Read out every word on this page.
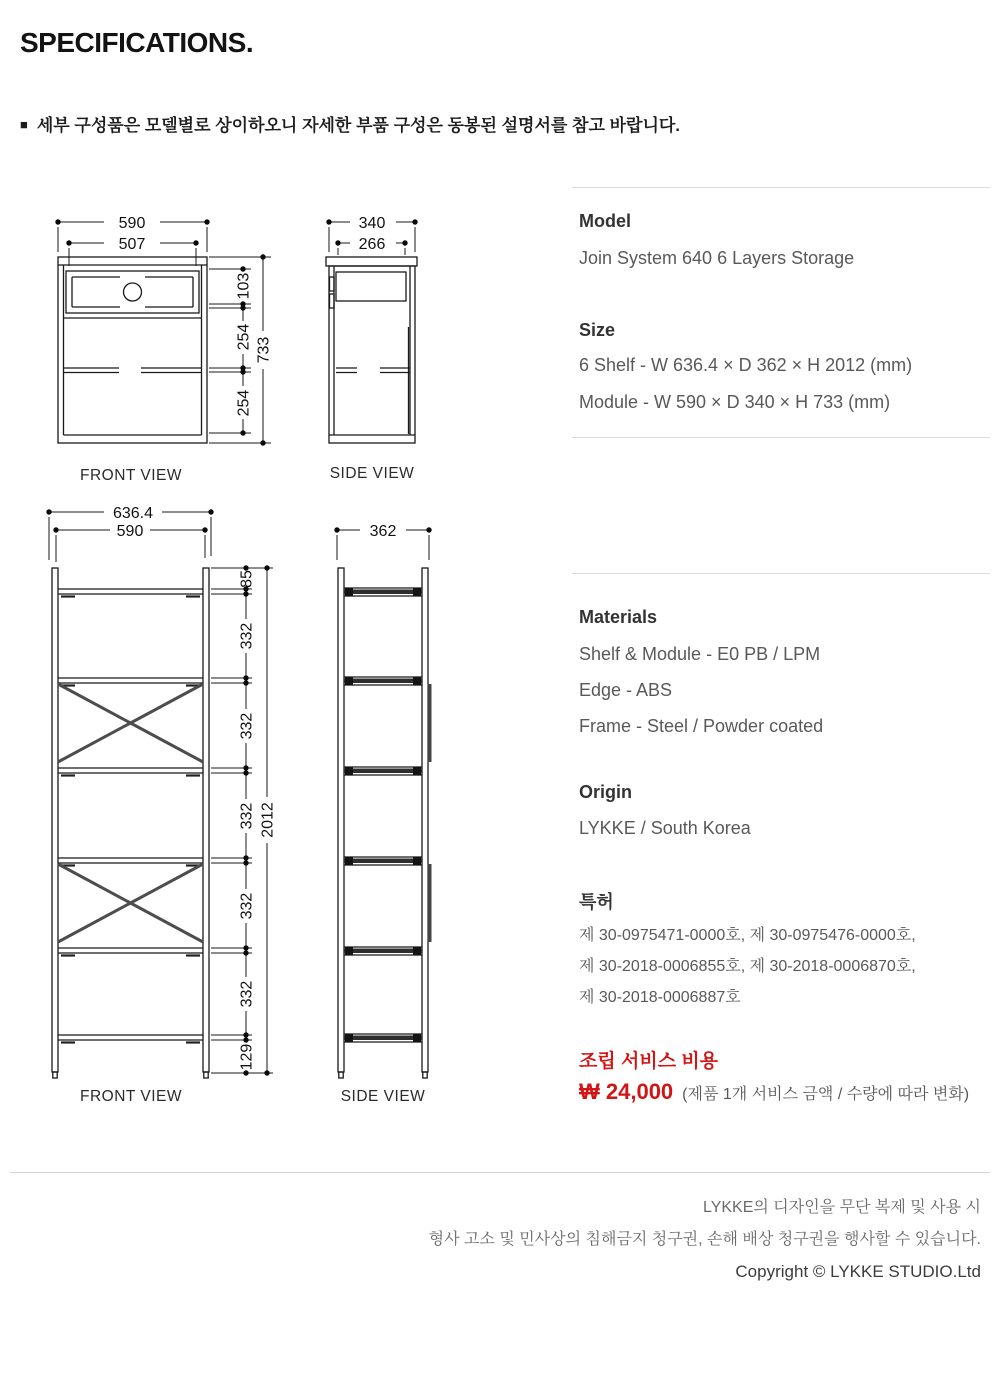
SPECIFICATIONS.
■ 세부 구성품은 모델별로 상이하오니 자세한 부품 구성은 동봉된 설명서를 참고 바랍니다.
590
507
103
254
254
733
FRONT VIEW
340
266
SIDE VIEW
636.4
590
85
332
332
332
332
332
129
2012
FRONT VIEW
362
SIDE VIEW
Model
Join System 640 6 Layers Storage
Size
6 Shelf - W 636.4 × D 362 × H 2012 (mm)
Module - W 590 × D 340 × H 733 (mm)
Materials
Shelf & Module - E0 PB / LPM
Edge - ABS
Frame - Steel / Powder coated
Origin
LYKKE / South Korea
특허
제 30-0975471-0000호, 제 30-0975476-0000호,
제 30-2018-0006855호, 제 30-2018-0006870호,
제 30-2018-0006887호
조립 서비스 비용
₩ 24,000 (제품 1개 서비스 금액 / 수량에 따라 변화)
LYKKE의 디자인을 무단 복제 및 사용 시
형사 고소 및 민사상의 침해금지 청구권, 손해 배상 청구권을 행사할 수 있습니다.
Copyright © LYKKE STUDIO.Ltd
